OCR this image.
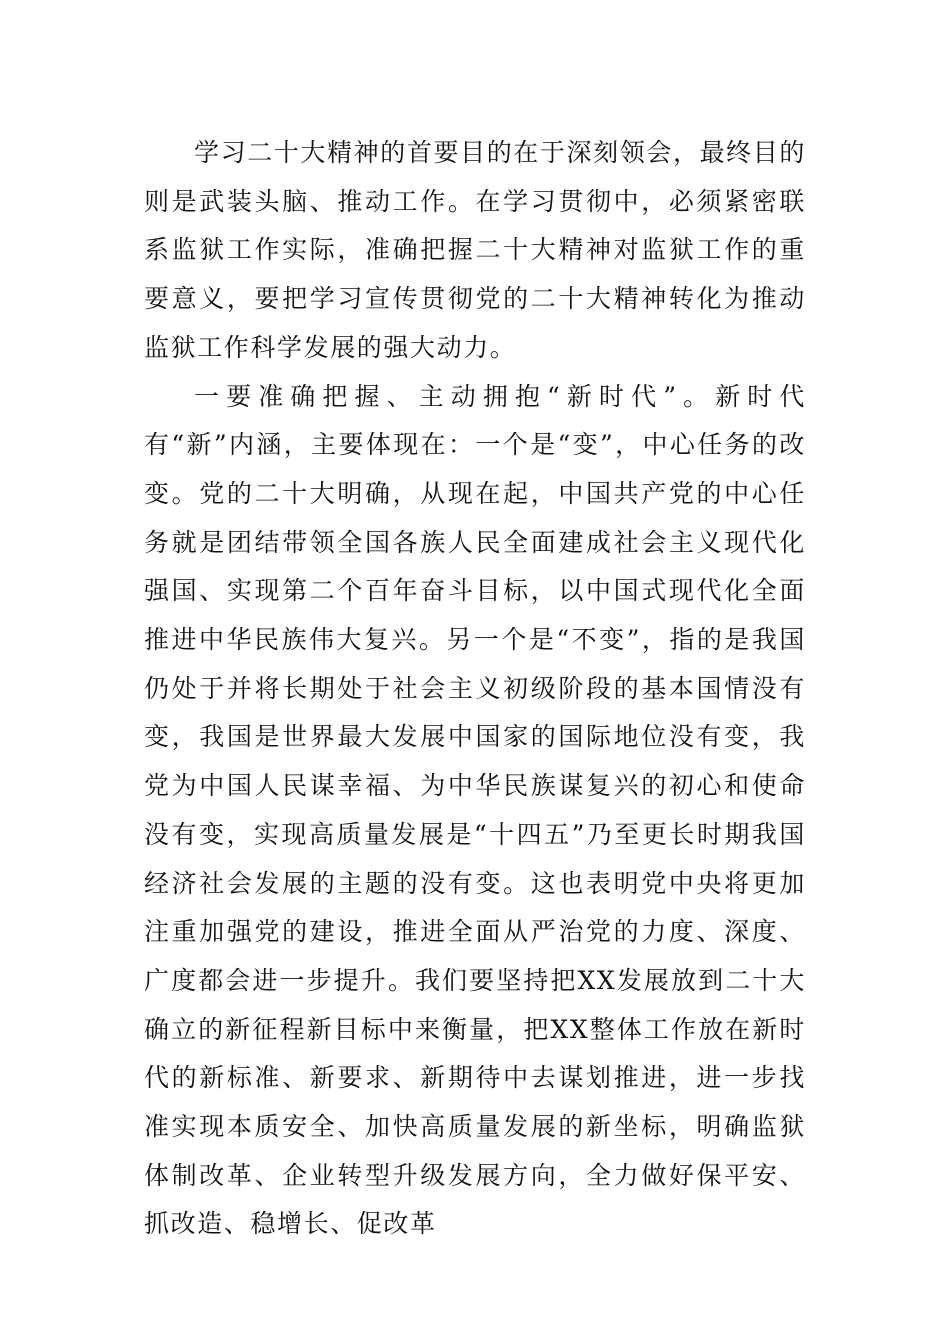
学习二十大精神的首要目的在于深刻领会，最终目的则是武装头脑、推动工作。在学习贯彻中，必须紧密联系监狱工作实际，准确把握二十大精神对监狱工作的重要意义，要把学习宣传贯彻党的二十大精神转化为推动监狱工作科学发展的强大动力。

一要准确把握、主动拥抱“新时代”。新时代有“新”内涵，主要体现在：一个是“变”，中心任务的改变。党的二十大明确，从现在起，中国共产党的中心任务就是团结带领全国各族人民全面建成社会主义现代化强国、实现第二个百年奋斗目标，以中国式现代化全面推进中华民族伟大复兴。另一个是“不变”，指的是我国仍处于并将长期处于社会主义初级阶段的基本国情没有变，我国是世界最大发展中国家的国际地位没有变，我党为中国人民谋幸福、为中华民族谋复兴的初心和使命没有变，实现高质量发展是“十四五”乃至更长时期我国经济社会发展的主题的没有变。这也表明党中央将更加注重加强党的建设，推进全面从严治党的力度、深度、广度都会进一步提升。我们要坚持把XX发展放到二十大确立的新征程新目标中来衡量，把XX整体工作放在新时代的新标准、新要求、新期待中去谋划推进，进一步找准实现本质安全、加快高质量发展的新坐标，明确监狱体制改革、企业转型升级发展方向，全力做好保平安、抓改造、稳增长、促改革
